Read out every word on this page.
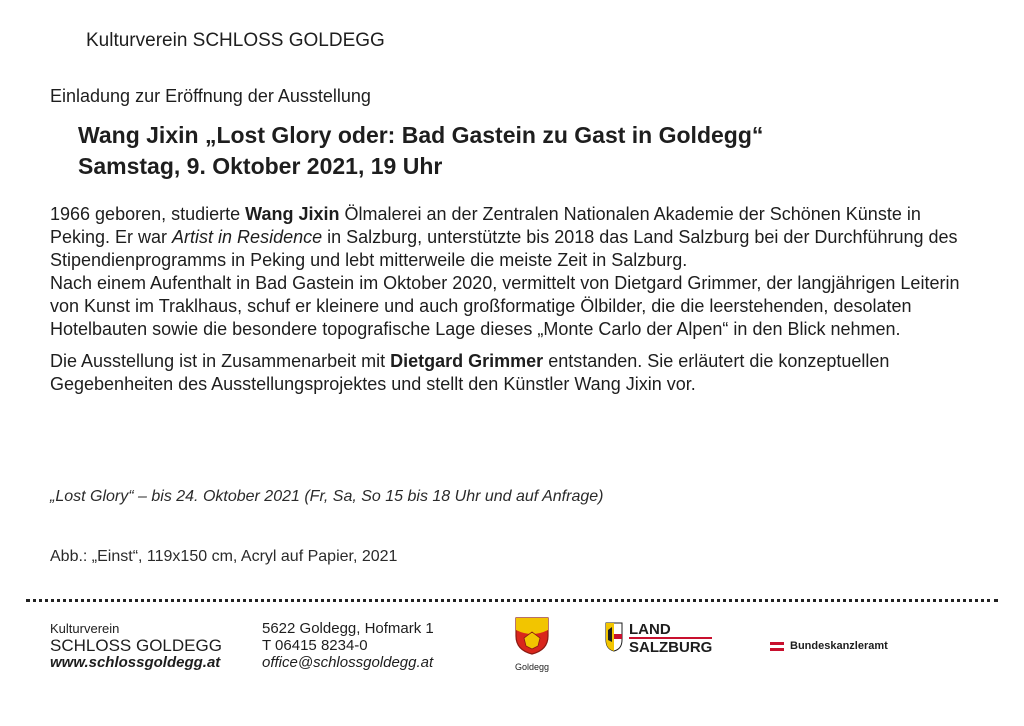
Kulturverein SCHLOSS GOLDEGG
Einladung zur Eröffnung der Ausstellung
Wang Jixin „Lost Glory oder: Bad Gastein zu Gast in Goldegg“
Samstag, 9. Oktober 2021, 19 Uhr

1966 geboren, studierte Wang Jixin Ölmalerei an der Zentralen Nationalen Akademie der Schönen Künste in Peking. Er war Artist in Residence in Salzburg, unterstützte bis 2018 das Land Salzburg bei der Durchführung des Stipendienprogramms in Peking und lebt mitterweile die meiste Zeit in Salzburg.

Nach einem Aufenthalt in Bad Gastein im Oktober 2020, vermittelt von Dietgard Grimmer, der langjährigen Leiterin von Kunst im Traklhaus, schuf er kleinere und auch großformatige Ölbilder, die die leerstehenden, desolaten Hotelbauten sowie die besondere topografische Lage dieses „Monte Carlo der Alpen“ in den Blick nehmen.

Die Ausstellung ist in Zusammenarbeit mit Dietgard Grimmer entstanden. Sie erläutert die konzeptuellen Gegebenheiten des Ausstellungsprojektes und stellt den Künstler Wang Jixin vor.

„Lost Glory“ – bis 24. Oktober 2021 (Fr, Sa, So 15 bis 18 Uhr und auf Anfrage)
Abb.: „Einst“, 119x150 cm, Acryl auf Papier, 2021
Kulturverein
SCHLOSS GOLDEGG
www.schlossgoldegg.at
5622 Goldegg, Hofmark 1
T 06415 8234-0
office@schlossgoldegg.at	Goldegg
LAND
SALZBURG	Bundeskanzleramt
